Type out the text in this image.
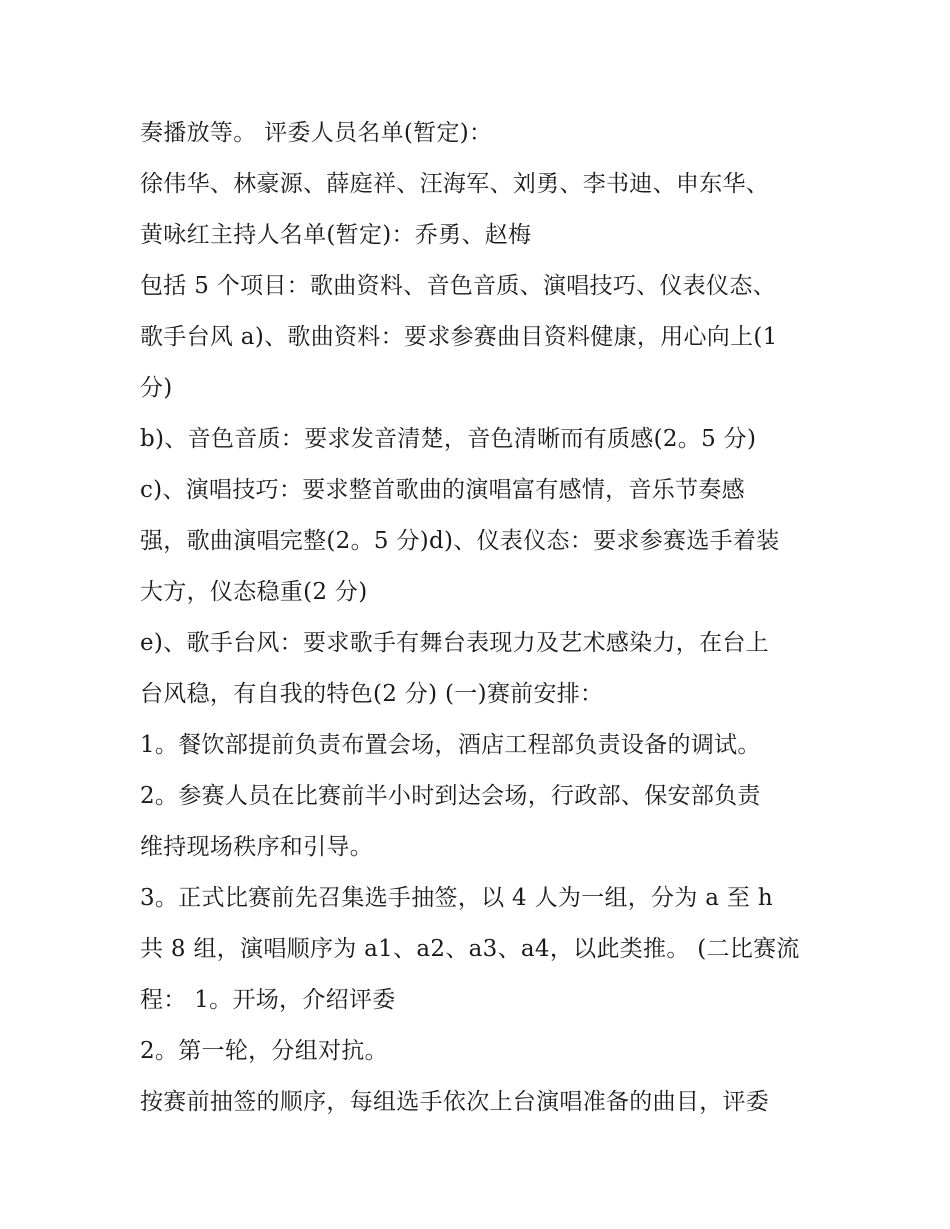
奏播放等。 评委人员名单(暂定)：
徐伟华、林豪源、薛庭祥、汪海军、刘勇、李书迪、申东华、
黄咏红主持人名单(暂定)：乔勇、赵梅
包括 5 个项目：歌曲资料、音色音质、演唱技巧、仪表仪态、
歌手台风 a)、歌曲资料：要求参赛曲目资料健康，用心向上(1
分)
b)、音色音质：要求发音清楚，音色清晰而有质感(2。5 分)
c)、演唱技巧：要求整首歌曲的演唱富有感情，音乐节奏感
强，歌曲演唱完整(2。5 分)d)、仪表仪态：要求参赛选手着装
大方，仪态稳重(2 分)
e)、歌手台风：要求歌手有舞台表现力及艺术感染力，在台上
台风稳，有自我的特色(2 分) (一)赛前安排：
1。餐饮部提前负责布置会场，酒店工程部负责设备的调试。
2。参赛人员在比赛前半小时到达会场，行政部、保安部负责
维持现场秩序和引导。
3。正式比赛前先召集选手抽签，以 4 人为一组，分为 a 至 h
共 8 组，演唱顺序为 a1、a2、a3、a4，以此类推。 (二比赛流
程： 1。开场，介绍评委
2。第一轮，分组对抗。
按赛前抽签的顺序，每组选手依次上台演唱准备的曲目，评委
